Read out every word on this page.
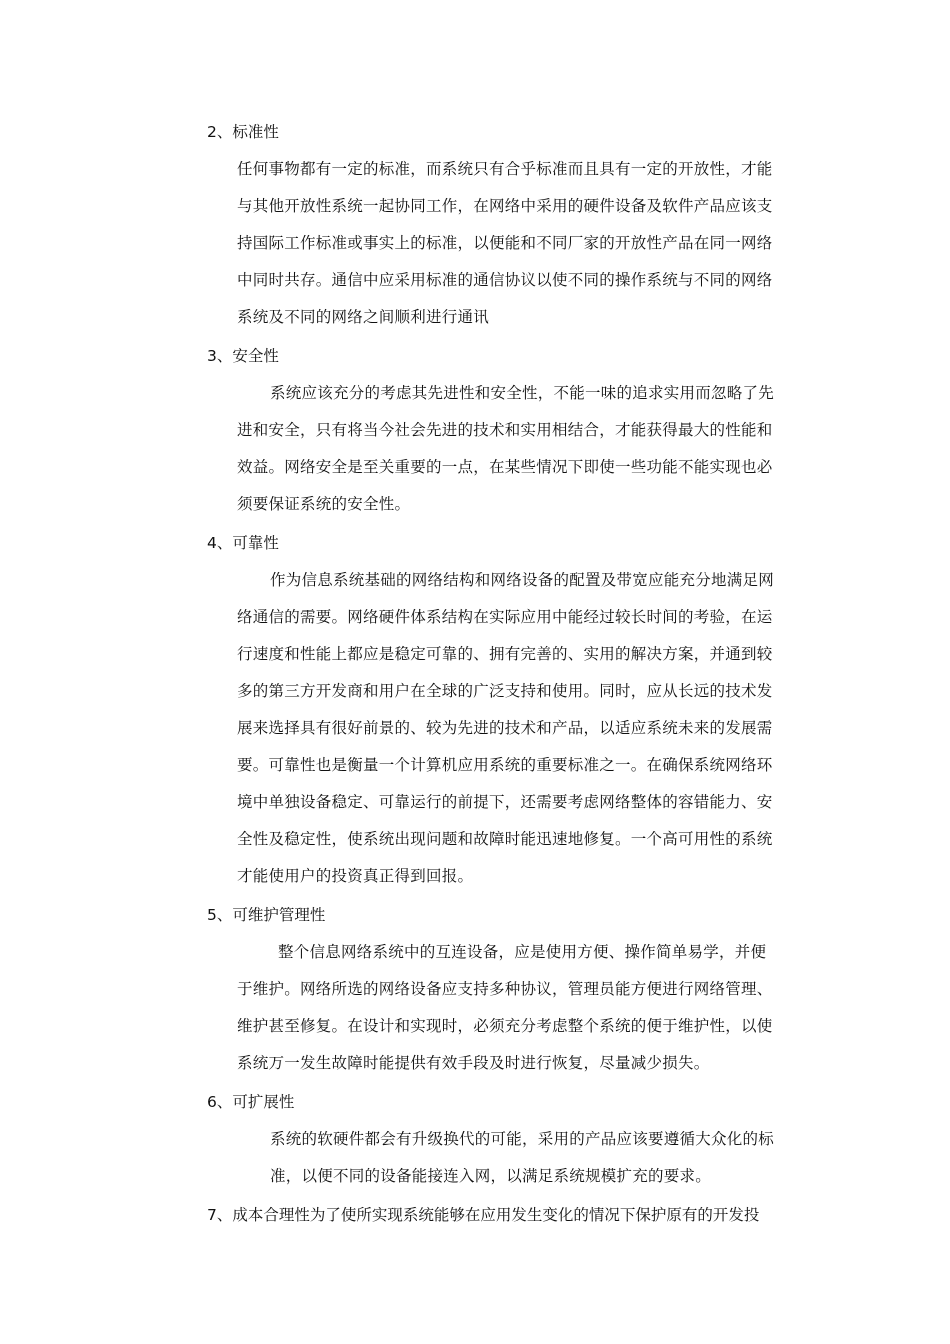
2、标准性
任何事物都有一定的标准，而系统只有合乎标准而且具有一定的开放性，才能
与其他开放性系统一起协同工作，在网络中采用的硬件设备及软件产品应该支
持国际工作标准或事实上的标准，以便能和不同厂家的开放性产品在同一网络
中同时共存。通信中应采用标准的通信协议以使不同的操作系统与不同的网络
系统及不同的网络之间顺利进行通讯
3、安全性
系统应该充分的考虑其先进性和安全性，不能一味的追求实用而忽略了先
进和安全，只有将当今社会先进的技术和实用相结合，才能获得最大的性能和
效益。网络安全是至关重要的一点，在某些情况下即使一些功能不能实现也必
须要保证系统的安全性。
4、可靠性
作为信息系统基础的网络结构和网络设备的配置及带宽应能充分地满足网
络通信的需要。网络硬件体系结构在实际应用中能经过较长时间的考验，在运
行速度和性能上都应是稳定可靠的、拥有完善的、实用的解决方案，并通到较
多的第三方开发商和用户在全球的广泛支持和使用。同时，应从长远的技术发
展来选择具有很好前景的、较为先进的技术和产品，以适应系统未来的发展需
要。可靠性也是衡量一个计算机应用系统的重要标准之一。在确保系统网络环
境中单独设备稳定、可靠运行的前提下，还需要考虑网络整体的容错能力、安
全性及稳定性，使系统出现问题和故障时能迅速地修复。一个高可用性的系统
才能使用户的投资真正得到回报。
5、可维护管理性
整个信息网络系统中的互连设备，应是使用方便、操作简单易学，并便
于维护。网络所选的网络设备应支持多种协议，管理员能方便进行网络管理、
维护甚至修复。在设计和实现时，必须充分考虑整个系统的便于维护性，以使
系统万一发生故障时能提供有效手段及时进行恢复，尽量减少损失。
6、可扩展性
系统的软硬件都会有升级换代的可能，采用的产品应该要遵循大众化的标
准，以便不同的设备能接连入网，以满足系统规模扩充的要求。
7、成本合理性为了使所实现系统能够在应用发生变化的情况下保护原有的开发投
